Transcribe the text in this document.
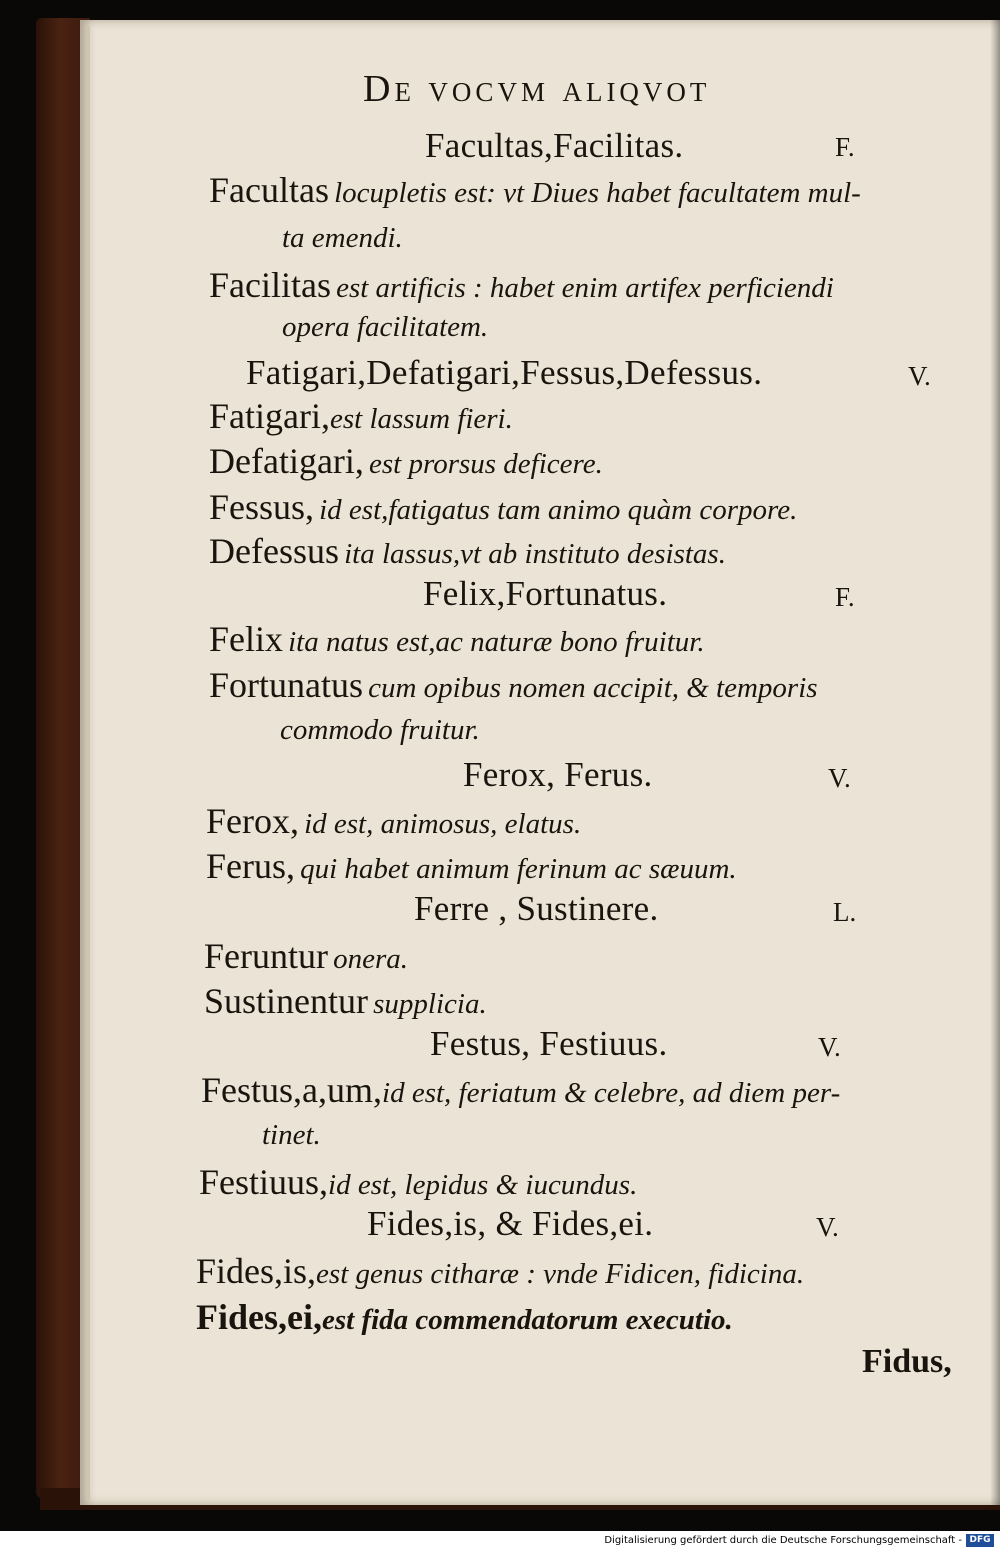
De vocvm aliqvot
Facultas,Facilitas.	F.
Facultas locupletis est: vt Diues habet facultatem mul-
ta emendi.
Facilitas est artificis : habet enim artifex perficiendi
opera facilitatem.
Fatigari,Defatigari,Fessus,Defessus.	V.
Fatigari,est lassum fieri.
Defatigari, est prorsus deficere.
Fessus, id est,fatigatus tam animo quàm corpore.
Defessus ita lassus,vt ab instituto desistas.
Felix,Fortunatus.	F.
Felix ita natus est,ac naturæ bono fruitur.
Fortunatus cum opibus nomen accipit, & temporis
commodo fruitur.
Ferox, Ferus.	V.
Ferox, id est, animosus, elatus.
Ferus, qui habet animum ferinum ac sæuum.
Ferre , Sustinere.	L.
Feruntur onera.
Sustinentur supplicia.
Festus, Festiuus.	V.
Festus,a,um,id est, feriatum & celebre, ad diem per-
tinet.
Festiuus,id est, lepidus & iucundus.
Fides,is, & Fides,ei.	V.
Fides,is,est genus citharæ : vnde Fidicen, fidicina.
Fides,ei,est fida commendatorum executio.
Fidus,
Digitalisierung gefördert durch die Deutsche Forschungsgemeinschaft - DFG
